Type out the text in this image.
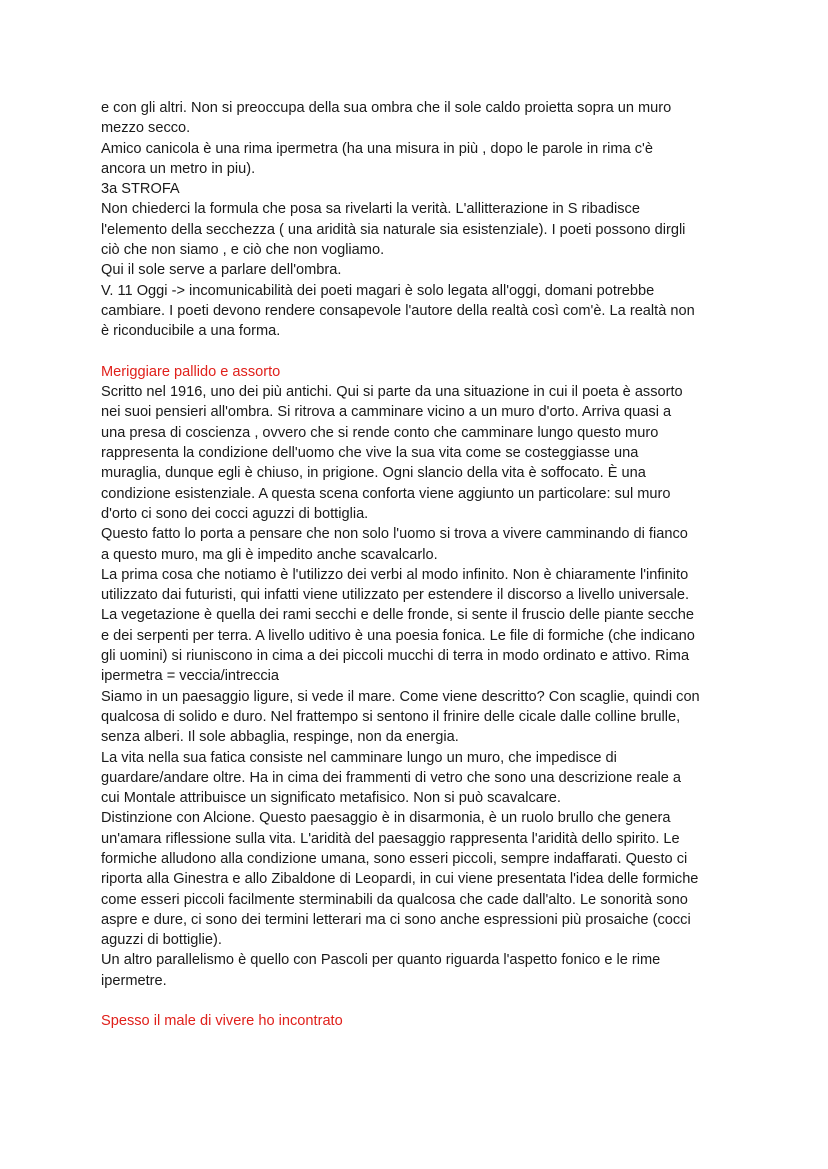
e con gli altri. Non si preoccupa della sua ombra che il sole caldo proietta sopra un muro
mezzo secco.
Amico canicola è una rima ipermetra (ha una misura in più , dopo le parole in rima c'è
ancora un metro in piu).
3a STROFA
Non chiederci la formula che posa sa rivelarti la verità. L'allitterazione in S ribadisce
l'elemento della secchezza ( una aridità sia naturale sia esistenziale). I poeti possono dirgli
ciò che non siamo , e ciò che non vogliamo.
Qui il sole serve a parlare dell'ombra.
V. 11 Oggi -> incomunicabilità dei poeti magari è solo legata all'oggi, domani potrebbe
cambiare. I poeti devono rendere consapevole l'autore della realtà così com'è. La realtà non
è riconducibile a una forma.
Meriggiare pallido e assorto
Scritto nel 1916, uno dei più antichi. Qui si parte da una situazione in cui il poeta è assorto
nei suoi pensieri all'ombra. Si ritrova a camminare vicino a un muro d'orto. Arriva quasi a
una presa di coscienza , ovvero che si rende conto che camminare lungo questo muro
rappresenta la condizione dell'uomo che vive la sua vita come se costeggiasse una
muraglia, dunque egli è chiuso, in prigione. Ogni slancio della vita è soffocato. È una
condizione esistenziale. A questa scena conforta viene aggiunto un particolare: sul muro
d'orto ci sono dei cocci aguzzi di bottiglia.
Questo fatto lo porta a pensare che non solo l'uomo si trova a vivere camminando di fianco
a questo muro, ma gli è impedito anche scavalcarlo.
La prima cosa che notiamo è l'utilizzo dei verbi al modo infinito. Non è chiaramente l'infinito
utilizzato dai futuristi, qui infatti viene utilizzato per estendere il discorso a livello universale.
La vegetazione è quella dei rami secchi e delle fronde, si sente il fruscio delle piante secche
e dei serpenti per terra. A livello uditivo è una poesia fonica. Le file di formiche (che indicano
gli uomini) si riuniscono in cima a dei piccoli mucchi di terra in modo ordinato e attivo. Rima
ipermetra = veccia/intreccia
Siamo in un paesaggio ligure, si vede il mare. Come viene descritto? Con scaglie, quindi con
qualcosa di solido e duro. Nel frattempo si sentono il frinire delle cicale dalle colline brulle,
senza alberi. Il sole abbaglia, respinge, non da energia.
La vita nella sua fatica consiste nel camminare lungo un muro, che impedisce di
guardare/andare oltre. Ha in cima dei frammenti di vetro che sono una descrizione reale a
cui Montale attribuisce un significato metafisico. Non si può scavalcare.
Distinzione con Alcione. Questo paesaggio è in disarmonia, è un ruolo brullo che genera
un'amara riflessione sulla vita. L'aridità del paesaggio rappresenta l'aridità dello spirito. Le
formiche alludono alla condizione umana, sono esseri piccoli, sempre indaffarati. Questo ci
riporta alla Ginestra e allo Zibaldone di Leopardi, in cui viene presentata l'idea delle formiche
come esseri piccoli facilmente sterminabili da qualcosa che cade dall'alto. Le sonorità sono
aspre e dure, ci sono dei termini letterari ma ci sono anche espressioni più prosaiche (cocci
aguzzi di bottiglie).
Un altro parallelismo è quello con Pascoli per quanto riguarda l'aspetto fonico e le rime
ipermetre.
Spesso il male di vivere ho incontrato
